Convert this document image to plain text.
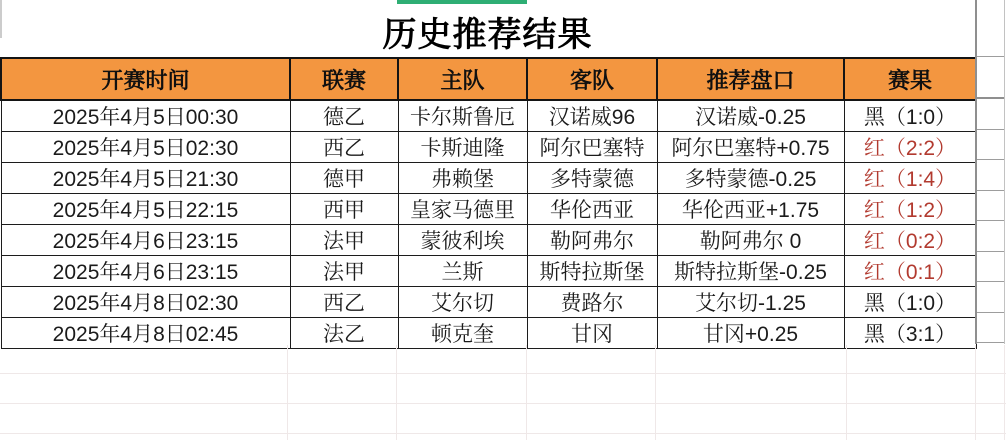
历史推荐结果
开赛时间	联赛	主队	客队	推荐盘口	赛果
2025年4月5日00:30	德乙	卡尔斯鲁厄	汉诺威96	汉诺威-0.25	黑（1:0）
2025年4月5日02:30	西乙	卡斯迪隆	阿尔巴塞特	阿尔巴塞特+0.75	红（2:2）
2025年4月5日21:30	德甲	弗赖堡	多特蒙德	多特蒙德-0.25	红（1:4）
2025年4月5日22:15	西甲	皇家马德里	华伦西亚	华伦西亚+1.75	红（1:2）
2025年4月6日23:15	法甲	蒙彼利埃	勒阿弗尔	勒阿弗尔 0	红（0:2）
2025年4月6日23:15	法甲	兰斯	斯特拉斯堡	斯特拉斯堡-0.25	红（0:1）
2025年4月8日02:30	西乙	艾尔切	费路尔	艾尔切-1.25	黑（1:0）
2025年4月8日02:45	法乙	顿克奎	甘冈	甘冈+0.25	黑（3:1）
